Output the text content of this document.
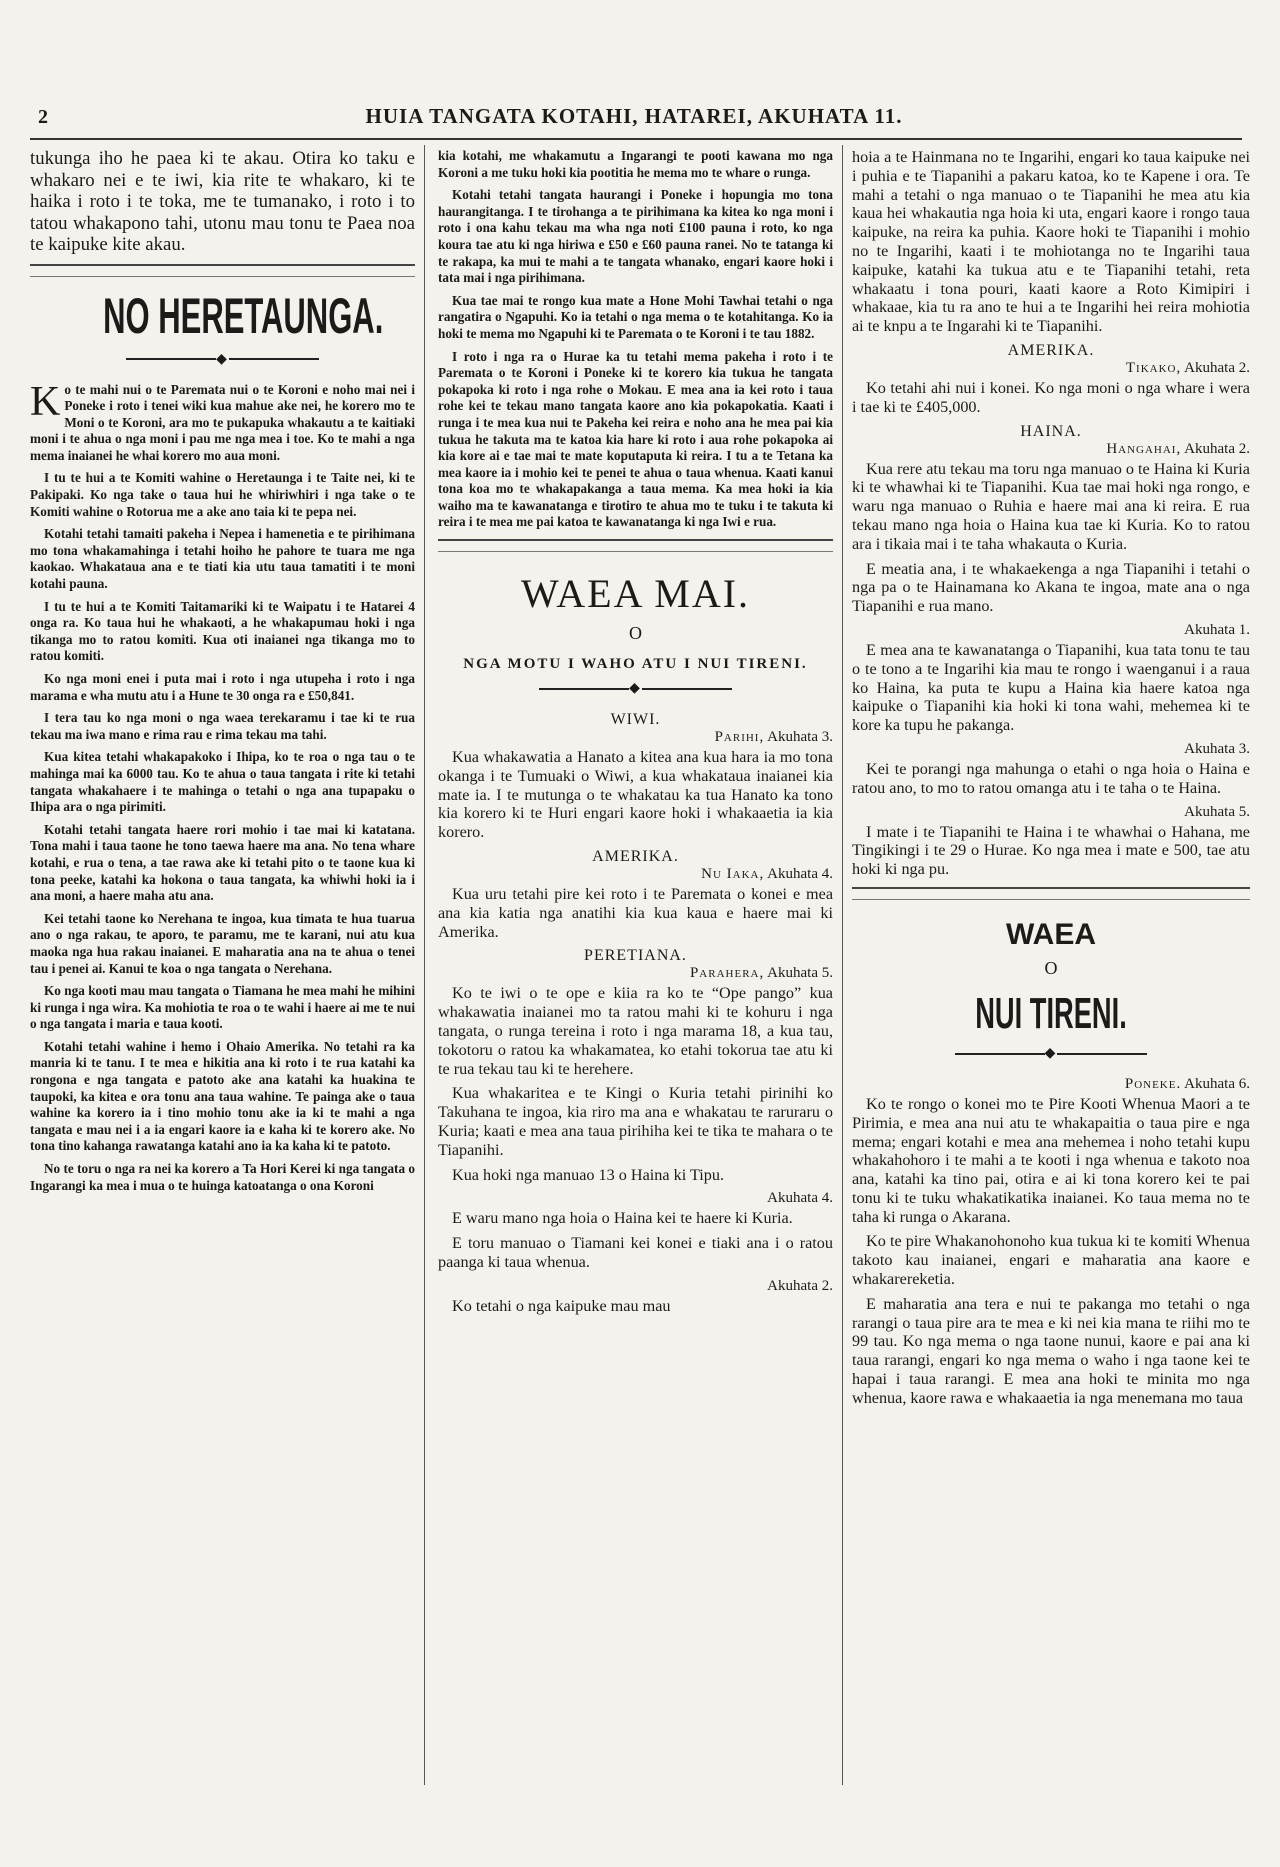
2	HUIA TANGATA KOTAHI, HATAREI, AKUHATA 11.

tukunga iho he paea ki te akau. Otira ko taku e whakaro nei e te iwi, kia rite te whakaro, ki te haika i roto i te toka, me te tumanako, i roto i to tatou whakapono tahi, utonu mau tonu te Paea noa te kaipuke kite akau.

NO HERETAUNGA.
◆

Ko te mahi nui o te Paremata nui o te Koroni e noho mai nei i Poneke i roto i tenei wiki kua mahue ake nei, he korero mo te Moni o te Koroni, ara mo te pukapuka whakautu a te kaitiaki moni i te ahua o nga moni i pau me nga mea i toe. Ko te mahi a nga mema inaianei he whai korero mo aua moni.

I tu te hui a te Komiti wahine o Heretaunga i te Taite nei, ki te Pakipaki. Ko nga take o taua hui he whiriwhiri i nga take o te Komiti wahine o Rotorua me a ake ano taia ki te pepa nei.

Kotahi tetahi tamaiti pakeha i Nepea i hamenetia e te pirihimana mo tona whakamahinga i tetahi hoiho he pahore te tuara me nga kaokao. Whakataua ana e te tiati kia utu taua tamatiti i te moni kotahi pauna.

I tu te hui a te Komiti Taitamariki ki te Waipatu i te Hatarei 4 onga ra. Ko taua hui he whakaoti, a he whakapumau hoki i nga tikanga mo to ratou komiti. Kua oti inaianei nga tikanga mo to ratou komiti.

Ko nga moni enei i puta mai i roto i nga utupeha i roto i nga marama e wha mutu atu i a Hune te 30 onga ra e £50,841.

I tera tau ko nga moni o nga waea terekaramu i tae ki te rua tekau ma iwa mano e rima rau e rima tekau ma tahi.

Kua kitea tetahi whakapakoko i Ihipa, ko te roa o nga tau o te mahinga mai ka 6000 tau. Ko te ahua o taua tangata i rite ki tetahi tangata whakahaere i te mahinga o tetahi o nga ana tupapaku o Ihipa ara o nga pirimiti.

Kotahi tetahi tangata haere rori mohio i tae mai ki katatana. Tona mahi i taua taone he tono taewa haere ma ana. No tena whare kotahi, e rua o tena, a tae rawa ake ki tetahi pito o te taone kua ki tona peeke, katahi ka hokona o taua tangata, ka whiwhi hoki ia i ana moni, a haere maha atu ana.

Kei tetahi taone ko Nerehana te ingoa, kua timata te hua tuarua ano o nga rakau, te aporo, te paramu, me te karani, nui atu kua maoka nga hua rakau inaianei. E maharatia ana na te ahua o tenei tau i penei ai. Kanui te koa o nga tangata o Nerehana.

Ko nga kooti mau mau tangata o Tiamana he mea mahi he mihini ki runga i nga wira. Ka mohiotia te roa o te wahi i haere ai me te nui o nga tangata i maria e taua kooti.

Kotahi tetahi wahine i hemo i Ohaio Amerika. No tetahi ra ka manria ki te tanu. I te mea e hikitia ana ki roto i te rua katahi ka rongona e nga tangata e patoto ake ana katahi ka huakina te taupoki, ka kitea e ora tonu ana taua wahine. Te painga ake o taua wahine ka korero ia i tino mohio tonu ake ia ki te mahi a nga tangata e mau nei i a ia engari kaore ia e kaha ki te korero ake. No tona tino kahanga rawatanga katahi ano ia ka kaha ki te patoto.

No te toru o nga ra nei ka korero a Ta Hori Kerei ki nga tangata o Ingarangi ka mea i mua o te huinga katoatanga o ona Koroni

kia kotahi, me whakamutu a Ingarangi te pooti kawana mo nga Koroni a me tuku hoki kia pootitia he mema mo te whare o runga.

Kotahi tetahi tangata haurangi i Poneke i hopungia mo tona haurangitanga. I te tirohanga a te pirihimana ka kitea ko nga moni i roto i ona kahu tekau ma wha nga noti £100 pauna i roto, ko nga koura tae atu ki nga hiriwa e £50 e £60 pauna ranei. No te tatanga ki te rakapa, ka mui te mahi a te tangata whanako, engari kaore hoki i tata mai i nga pirihimana.

Kua tae mai te rongo kua mate a Hone Mohi Tawhai tetahi o nga rangatira o Ngapuhi. Ko ia tetahi o nga mema o te kotahitanga. Ko ia hoki te mema mo Ngapuhi ki te Paremata o te Koroni i te tau 1882.

I roto i nga ra o Hurae ka tu tetahi mema pakeha i roto i te Paremata o te Koroni i Poneke ki te korero kia tukua he tangata pokapoka ki roto i nga rohe o Mokau. E mea ana ia kei roto i taua rohe kei te tekau mano tangata kaore ano kia pokapokatia. Kaati i runga i te mea kua nui te Pakeha kei reira e noho ana he mea pai kia tukua he takuta ma te katoa kia hare ki roto i aua rohe pokapoka ai kia kore ai e tae mai te mate koputaputa ki reira. I tu a te Tetana ka mea kaore ia i mohio kei te penei te ahua o taua whenua. Kaati kanui tona koa mo te whakapakanga a taua mema. Ka mea hoki ia kia waiho ma te kawanatanga e tirotiro te ahua mo te tuku i te takuta ki reira i te mea me pai katoa te kawanatanga ki nga Iwi e rua.

WAEA MAI.
O
NGA MOTU I WAHO ATU I NUI TIRENI.
◆
WIWI.
Parihi, Akuhata 3.

Kua whakawatia a Hanato a kitea ana kua hara ia mo tona okanga i te Tumuaki o Wiwi, a kua whakataua inaianei kia mate ia. I te mutunga o te whakatau ka tua Hanato ka tono kia korero ki te Huri engari kaore hoki i whakaaetia ia kia korero.

AMERIKA.
Nu Iaka, Akuhata 4.

Kua uru tetahi pire kei roto i te Paremata o konei e mea ana kia katia nga anatihi kia kua kaua e haere mai ki Amerika.

PERETIANA.
Parahera, Akuhata 5.

Ko te iwi o te ope e kiia ra ko te “Ope pango” kua whakawatia inaianei mo ta ratou mahi ki te kohuru i nga tangata, o runga tereina i roto i nga marama 18, a kua tau, tokotoru o ratou ka whakamatea, ko etahi tokorua tae atu ki te rua tekau tau ki te herehere.

Kua whakaritea e te Kingi o Kuria tetahi pirinihi ko Takuhana te ingoa, kia riro ma ana e whakatau te raruraru o Kuria; kaati e mea ana taua pirihiha kei te tika te mahara o te Tiapanihi.

Kua hoki nga manuao 13 o Haina ki Tipu.

Akuhata 4.

E waru mano nga hoia o Haina kei te haere ki Kuria.

E toru manuao o Tiamani kei konei e tiaki ana i o ratou paanga ki taua whenua.

Akuhata 2.

Ko tetahi o nga kaipuke mau mau

hoia a te Hainmana no te Ingarihi, engari ko taua kaipuke nei i puhia e te Tiapanihi a pakaru katoa, ko te Kapene i ora. Te mahi a tetahi o nga manuao o te Tiapanihi he mea atu kia kaua hei whakautia nga hoia ki uta, engari kaore i rongo taua kaipuke, na reira ka puhia. Kaore hoki te Tiapanihi i mohio no te Ingarihi, kaati i te mohiotanga no te Ingarihi taua kaipuke, katahi ka tukua atu e te Tiapanihi tetahi, reta whakaatu i tona pouri, kaati kaore a Roto Kimipiri i whakaae, kia tu ra ano te hui a te Ingarihi hei reira mohiotia ai te knpu a te Ingarahi ki te Tiapanihi.

AMERIKA.
Tikako, Akuhata 2.

Ko tetahi ahi nui i konei. Ko nga moni o nga whare i wera i tae ki te £405,000.

HAINA.
Hangahai, Akuhata 2.

Kua rere atu tekau ma toru nga manuao o te Haina ki Kuria ki te whawhai ki te Tiapanihi. Kua tae mai hoki nga rongo, e waru nga manuao o Ruhia e haere mai ana ki reira. E rua tekau mano nga hoia o Haina kua tae ki Kuria. Ko to ratou ara i tikaia mai i te taha whakauta o Kuria.

E meatia ana, i te whakaekenga a nga Tiapanihi i tetahi o nga pa o te Hainamana ko Akana te ingoa, mate ana o nga Tiapanihi e rua mano.

Akuhata 1.

E mea ana te kawanatanga o Tiapanihi, kua tata tonu te tau o te tono a te Ingarihi kia mau te rongo i waenganui i a raua ko Haina, ka puta te kupu a Haina kia haere katoa nga kaipuke o Tiapanihi kia hoki ki tona wahi, mehemea ki te kore ka tupu he pakanga.

Akuhata 3.

Kei te porangi nga mahunga o etahi o nga hoia o Haina e ratou ano, to mo to ratou omanga atu i te taha o te Haina.

Akuhata 5.

I mate i te Tiapanihi te Haina i te whawhai o Hahana, me Tingikingi i te 29 o Hurae. Ko nga mea i mate e 500, tae atu hoki ki nga pu.

WAEA
O
NUI TIRENI.
◆
Poneke. Akuhata 6.

Ko te rongo o konei mo te Pire Kooti Whenua Maori a te Pirimia, e mea ana nui atu te whakapaitia o taua pire e nga mema; engari kotahi e mea ana mehemea i noho tetahi kupu whakahohoro i te mahi a te kooti i nga whenua e takoto noa ana, katahi ka tino pai, otira e ai ki tona korero kei te pai tonu ki te tuku whakatikatika inaianei. Ko taua mema no te taha ki runga o Akarana.

Ko te pire Whakanohonoho kua tukua ki te komiti Whenua takoto kau inaianei, engari e maharatia ana kaore e whakarereketia.

E maharatia ana tera e nui te pakanga mo tetahi o nga rarangi o taua pire ara te mea e ki nei kia mana te riihi mo te 99 tau. Ko nga mema o nga taone nunui, kaore e pai ana ki taua rarangi, engari ko nga mema o waho i nga taone kei te hapai i taua rarangi. E mea ana hoki te minita mo nga whenua, kaore rawa e whakaaetia ia nga menemana mo taua
